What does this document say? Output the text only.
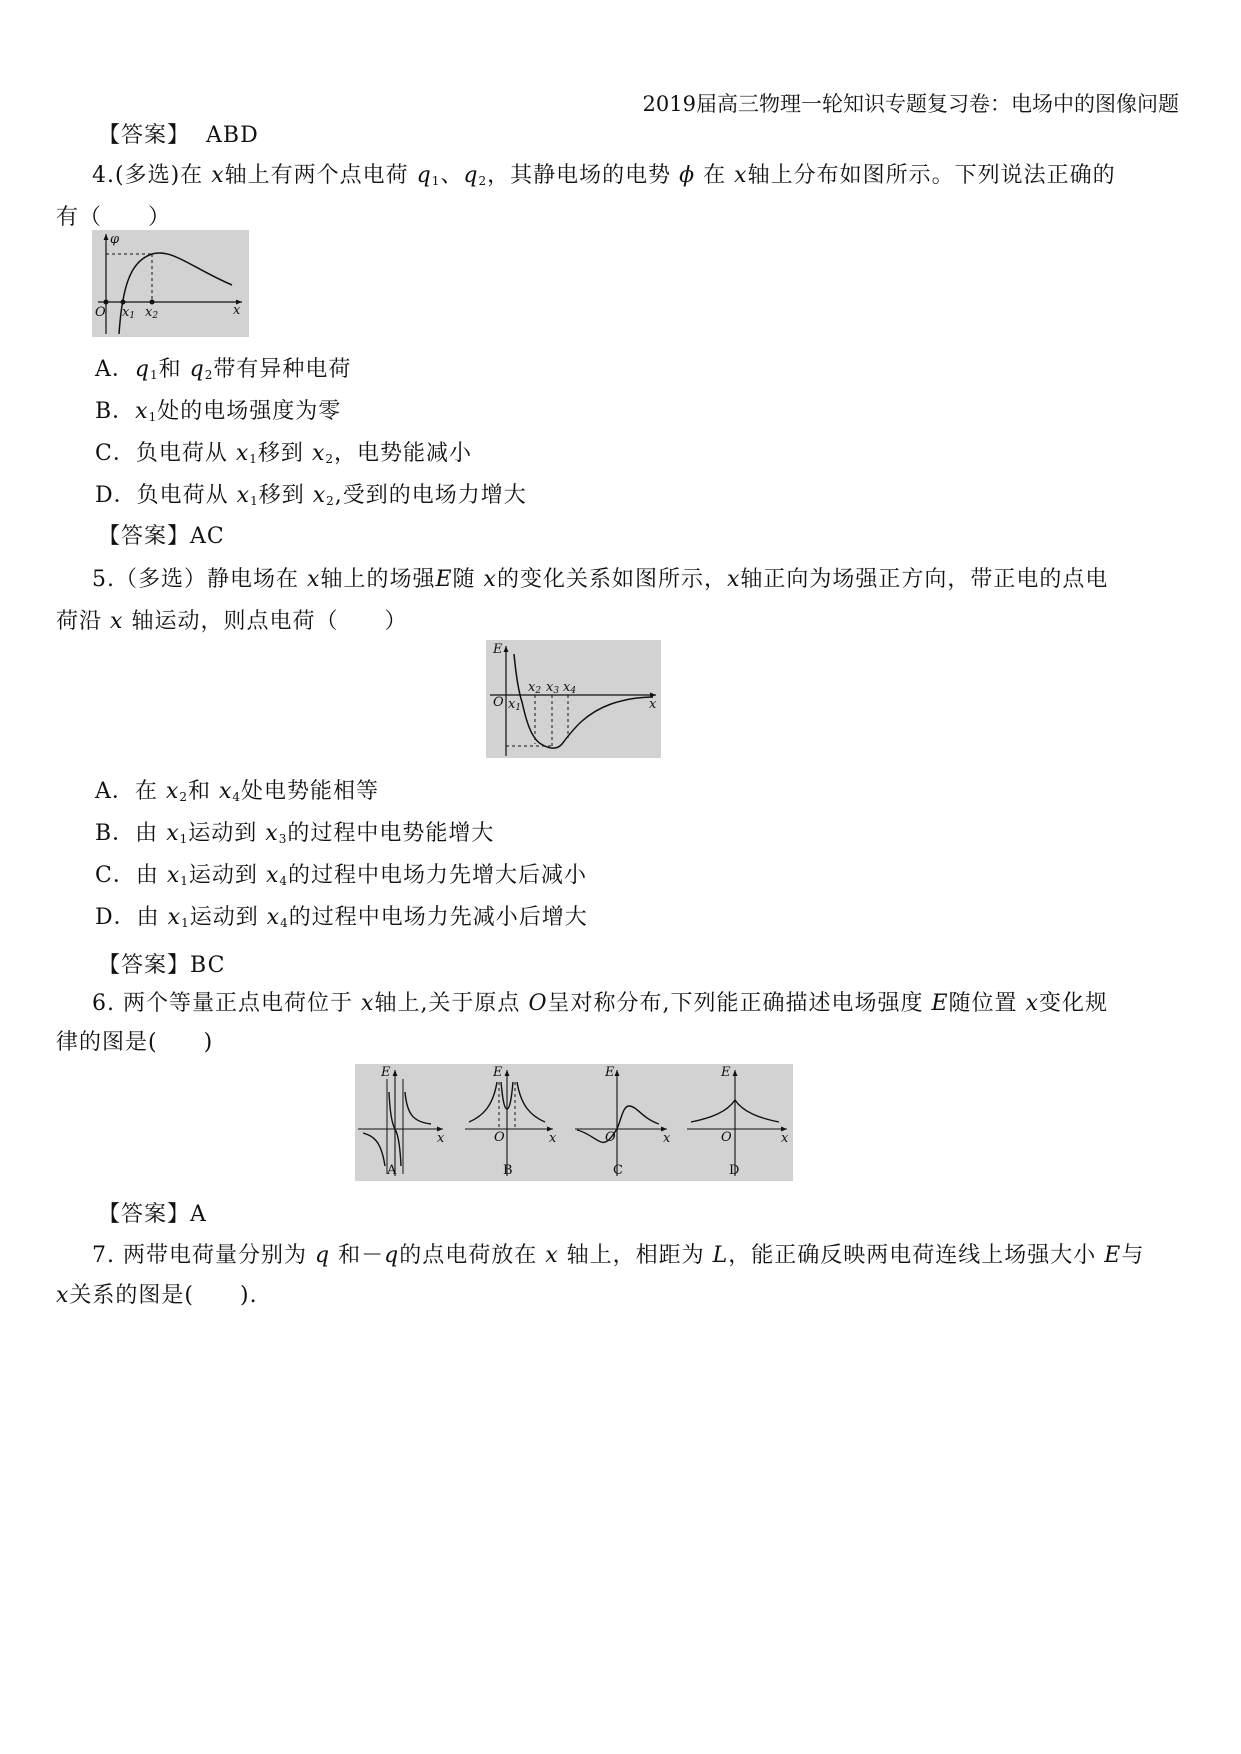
2019届高三物理一轮知识专题复习卷：电场中的图像问题
【答案】 ABD
4.(多选)在 x轴上有两个点电荷 $q_1$、$q_2$，其静电场的电势 ϕ 在 x轴上分布如图所示。下列说法正确的
有（　　）
φ
O x1 x2	x
A．$q_1$和 $q_2$带有异种电荷
B．$x_1$处的电场强度为零
C．负电荷从 $x_1$移到 $x_2$，电势能减小
D．负电荷从 $x_1$移到 $x_2$,受到的电场力增大
【答案】AC
5.（多选）静电场在 x轴上的场强E随 x的变化关系如图所示，x轴正向为场强正方向，带正电的点电
荷沿 x 轴运动，则点电荷（　　）
E
O x1
x2 x3 x4
x
A．在 $x_2$和 $x_4$处电势能相等
B．由 $x_1$运动到 $x_3$的过程中电势能增大
C．由 $x_1$运动到 $x_4$的过程中电场力先增大后减小
D．由 $x_1$运动到 $x_4$的过程中电场力先减小后增大
【答案】BC
6. 两个等量正点电荷位于 x轴上,关于原点 O呈对称分布,下列能正确描述电场强度 E随位置 x变化规
律的图是(　　)
E
x
A
E
O	x
B
E
O	x
C
E
O	x
D
【答案】A
7. 两带电荷量分别为 q 和－q的点电荷放在 x 轴上，相距为 L，能正确反映两电荷连线上场强大小 E与
x关系的图是(　　).
